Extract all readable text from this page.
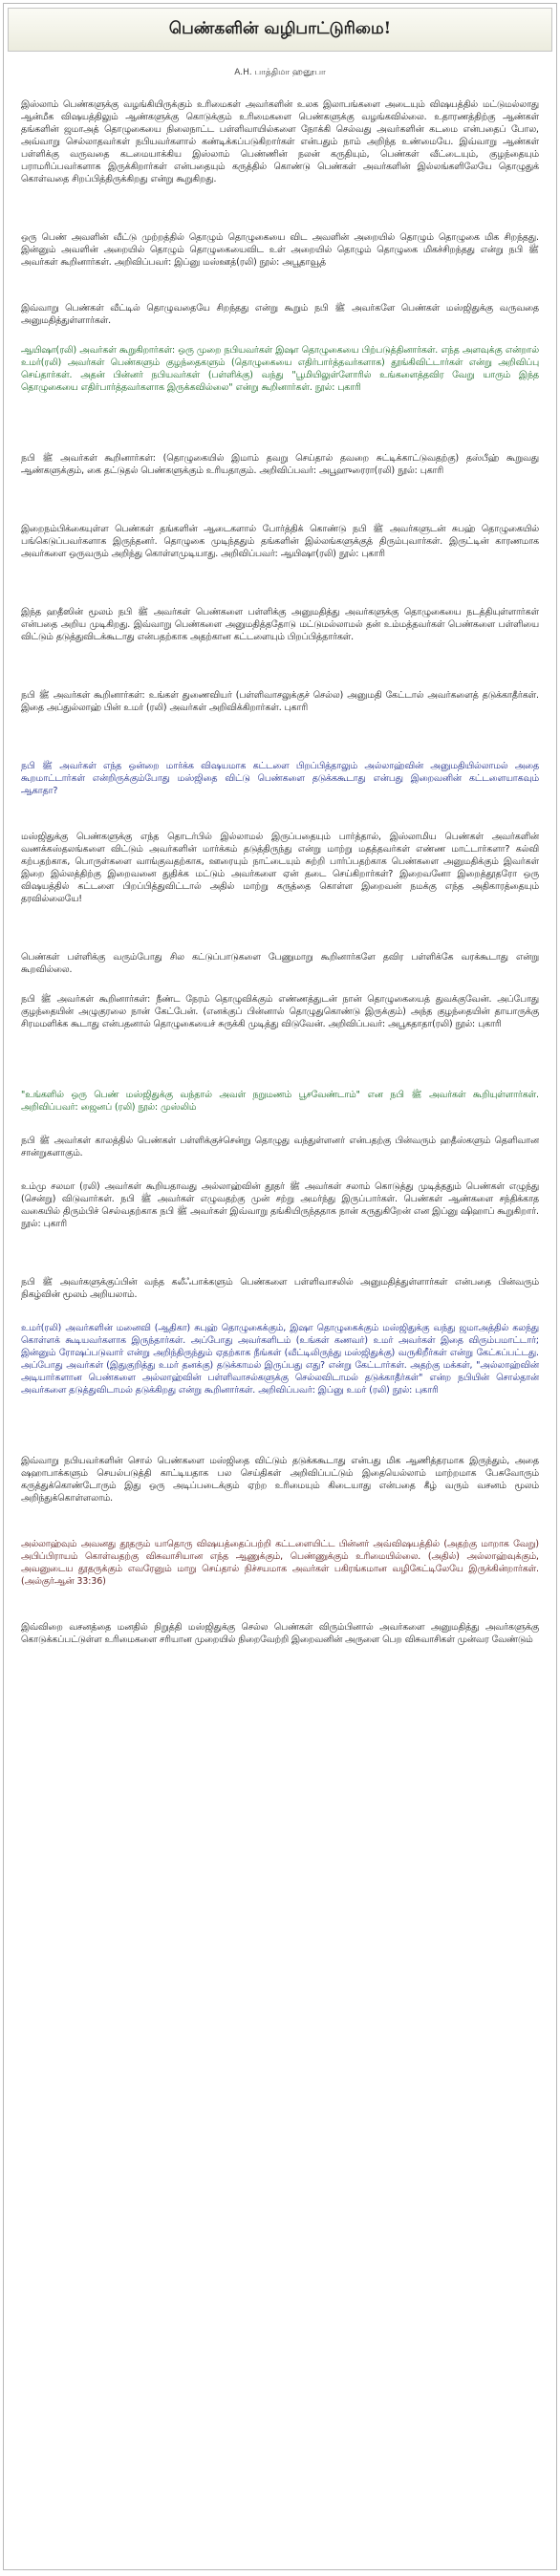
பெண்களின் வழிபாட்டுரிமை!
A.H. பாத்திமா ஹனூபா

இஸ்லாம் பெண்களுக்கு வழங்கியிருக்கும் உரிமைகள் அவர்களின் உலக இலாபங்களை அடையும் விஷயத்தில் மட்டுமல்லாது ஆன்மீக விஷயத்திலும் ஆண்களுக்கு கொடுக்கும் உரிமைகளை பெண்களுக்கு வழங்கவில்லை. உதாரணத்திற்கு ஆண்கள் தங்களின் ஜமாஅத் தொழுகையை நிலைநாட்ட பள்ளிவாயில்களை நோக்கி செல்வது அவர்களின் கடமை என்பதைப் போல, அவ்வாறு செல்லாதவர்கள் நபியவர்களால் கண்டிக்கப்படுகிறார்கள் என்பதும் நாம் அறிந்த உண்மையே. இவ்வாறு ஆண்கள் பள்ளிக்கு வருவதை கடமையாக்கிய இஸ்லாம் பெண்ணின் நலன் கருதியும், பெண்கள் வீட்டையும், குழந்தையும் பராமரிப்பவர்களாக இருக்கிறார்கள் என்பதையும் கருத்தில் கொண்டு பெண்கள் அவர்களின் இல்லங்களிலேயே தொழுதுக் கொள்வதை சிறப்பித்திருக்கிறது என்று கூறுகிறது.

ஒரு பெண் அவளின் வீட்டு முற்றத்தில் தொழும் தொழுகையை விட அவளின் அறையில் தொழும் தொழுகை மிக சிறந்தது. இன்னும் அவளின் அறையில் தொழும் தொழுகையைவிட உள் அறையில் தொழும் தொழுகை மிகச்சிறந்தது என்று நபி ﷺ அவர்கள் கூறினார்கள். அறிவிப்பவர்: இப்னு மஸ்ஊத்(ரலி) நூல்: அபூதாவூத்

இவ்வாறு பெண்கள் வீட்டில் தொழுவதையே சிறந்தது என்று கூறும் நபி ﷺ அவர்களே பெண்கள் மஸ்ஜிதுக்கு வருவதை அனுமதித்துள்ளார்கள்.

ஆயிஷா(ரலி) அவர்கள் கூறுகிறார்கள்: ஒரு முறை நபியவர்கள் இஷா தொழுகையை பிற்படுத்தினார்கள். எந்த அளவுக்கு என்றால் உமர்(ரலி) அவர்கள் பெண்களும் குழந்தைகளும் (தொழுகையை எதிர்பார்த்தவர்களாக) தூங்கிவிட்டார்கள் என்று அறிவிப்பு செய்தார்கள். அதன் பின்னர் நபியவர்கள் (பள்ளிக்கு) வந்து "பூமியிலுள்ளோரில் உங்களைத்தவிர வேறு யாரும் இந்த தொழுகையை எதிர்பார்த்தவர்களாக இருக்கவில்லை" என்று கூறினார்கள். நூல்: புகாரி

நபி ﷺ அவர்கள் கூறினார்கள்: (தொழுகையில் இமாம் தவறு செய்தால் தவறை சுட்டிக்காட்டுவதற்கு) தஸ்பீஹ் கூறுவது ஆண்களுக்கும், கை தட்டுதல் பெண்களுக்கும் உரியதாகும். அறிவிப்பவர்: அபூஹுரைரா(ரலி) நூல்: புகாரி

இறைநம்பிக்கையுள்ள பெண்கள் தங்களின் ஆடைகளால் போர்த்திக் கொண்டு நபி ﷺ அவர்களுடன் சுபஹ் தொழுகையில் பங்கெடுப்பவர்களாக இருந்தனர். தொழுகை முடிந்ததும் தங்களின் இல்லங்களுக்குத் திரும்புவார்கள். இருட்டின் காரணமாக அவர்களை ஒருவரும் அறிந்து கொள்ளமுடியாது. அறிவிப்பவர்: ஆயிஷா(ரலி) நூல்: புகாரி

இந்த ஹதீஸின் மூலம் நபி ﷺ அவர்கள் பெண்களை பள்ளிக்கு அனுமதித்து அவர்களுக்கு தொழுகையை நடத்தியுள்ளார்கள் என்பதை அறிய முடிகிறது. இவ்வாறு பெண்களை அனுமதித்ததோடு மட்டுமல்லாமல் தன் உம்மத்தவர்கள் பெண்களை பள்ளியை விட்டும் தடுத்துவிடக்கூடாது என்பதற்காக அதற்கான கட்டளையும் பிறப்பித்தார்கள்.

நபி ﷺ அவர்கள் கூறினார்கள்: உங்கள் துணைவியர் (பள்ளிவாசலுக்குச் செல்ல) அனுமதி கேட்டால் அவர்களைத் தடுக்காதீர்கள். இதை அப்துல்லாஹ் பின் உமர் (ரலி) அவர்கள் அறிவிக்கிறார்கள். புகாரி

நபி ﷺ அவர்கள் எந்த ஒன்றை மார்க்க விஷயமாக கட்டளை பிறப்பித்தாலும் அல்லாஹ்வின் அனுமதியில்லாமல் அதை கூறமாட்டார்கள் என்றிருக்கும்போது மஸ்ஜிதை விட்டு பெண்களை தடுக்ககூடாது என்பது இறைவனின் கட்டளையாகவும் ஆகாதா?

மஸ்ஜிதுக்கு பெண்களுக்கு எந்த தொடர்பில் இல்லாமல் இருப்பதையும் பார்த்தால், இஸ்லாமிய பெண்கள் அவர்களின் வணக்கஸ்தலங்களை விட்டும் அவர்களின் மார்க்கம் தடுத்திருந்து என்று மாற்று மதத்தவர்கள் எண்ண மாட்டார்களா? கல்வி கற்பதற்காக, பொருள்களை வாங்குவதற்காக, ஊரையும் நாட்டையும் சுற்றி பார்ப்பதற்காக பெண்களை அனுமதிக்கும் இவர்கள் இறை இல்லத்திற்கு இறைவனை துதிக்க மட்டும் அவர்களை ஏன் தடை செய்கிறார்கள்? இறைவனோ இறைத்தூதரோ ஒரு விஷயத்தில் கட்டளை பிறப்பித்துவிட்டால் அதில் மாற்று கருத்தை கொள்ள இறைவன் நமக்கு எந்த அதிகாரத்தையும் தரவில்லையே!

பெண்கள் பள்ளிக்கு வரும்போது சில கட்டுப்பாடுகளை பேணுமாறு கூறினார்களே தவிர பள்ளிக்கே வரக்கூடாது என்று கூறவில்லை.

நபி ﷺ அவர்கள் கூறினார்கள்: நீண்ட நேரம் தொழுவிக்கும் எண்ணத்துடன் நான் தொழுகையைத் துவக்குவேன். அப்போது குழந்தையின் அழுகுரலை நான் கேட்பேன். (எனக்குப் பின்னால் தொழுதுகொண்டு இருக்கும்) அந்த குழந்தையின் தாயாருக்கு சிரமமளிக்க கூடாது என்பதனால் தொழுகையைச் சுருக்கி முடித்து விடுவேன். அறிவிப்பவர்: அபூகதாதா(ரலி) நூல்: புகாரி

"உங்களில் ஒரு பெண் மஸ்ஜிதுக்கு வந்தால் அவள் நறுமணம் பூசவேண்டாம்" என நபி ﷺ அவர்கள் கூறியுள்ளார்கள். அறிவிப்பவர்: ஜைனப் (ரலி) நூல்: முஸ்லிம்

நபி ﷺ அவர்கள் காலத்தில் பெண்கள் பள்ளிக்குச்சென்று தொழுது வந்துள்ளனர் என்பதற்கு பின்வரும் ஹதீஸ்களும் தெளிவான சான்றுகளாகும்.

உம்மு சலமா (ரலி) அவர்கள் கூறியதாவது அல்லாஹ்வின் தூதர் ﷺ அவர்கள் சலாம் கொடுத்து முடித்ததும் பெண்கள் எழுந்து (சென்று) விடுவார்கள். நபி ﷺ அவர்கள் எழுவதற்கு முன் சற்று அமர்ந்து இருப்பார்கள். பெண்கள் ஆண்களை சந்திக்காத வகையில் திரும்பிச் செல்வதற்காக நபி ﷺ அவர்கள் இவ்வாறு தங்கியிருந்ததாக நான் கருதுகிறேன் என இப்னு ஷிஹாப் கூறுகிறார். நூல்: புகாரி

நபி ﷺ அவர்களுக்குப்பின் வந்த கலீஃபாக்களும் பெண்களை பள்ளிவாசலில் அனுமதித்துள்ளார்கள் என்பதை பின்வரும் நிகழ்வின் மூலம் அறியலாம்.

உமர்(ரலி) அவர்களின் மனைவி (ஆதிகா) சுபுஹ் தொழுகைக்கும், இஷா தொழுகைக்கும் மஸ்ஜிதுக்கு வந்து ஜமாஅத்தில் கலந்து கொள்ளக் கூடியவர்களாக இருந்தார்கள். அப்போது அவர்களிடம் (உங்கள் கணவர்) உமர் அவர்கள் இதை விரும்பமாட்டார்; இன்னும் ரோஷப்படுவார் என்று அறிந்திருந்தும் ஏதற்காக நீங்கள் (வீட்டிலிருந்து மஸ்ஜிதுக்கு) வருகிறீர்கள் என்று கேட்கப்பட்டது. அப்போது அவர்கள் (இதுகுறித்து உமர் தனக்கு) தடுக்காமல் இருப்பது எது? என்று கேட்டார்கள். அதற்கு மக்கள், "அல்லாஹ்வின் அடியார்களான பெண்களை அல்லாஹ்வின் பள்ளிவாசல்களுக்கு செல்லவிடாமல் தடுக்காதீர்கள்" என்ற நபியின் சொல்தான் அவர்களை தடுத்துவிடாமல் தடுக்கிறது என்று கூறினார்கள். அறிவிப்பவர்: இப்னு உமர் (ரலி) நூல்: புகாரி

இவ்வாறு நபியவர்களின் சொல் பெண்களை மஸ்ஜிதை விட்டும் தடுக்ககூடாது என்பது மிக ஆணித்தரமாக இருந்தும், அதை ஷஹாபாக்களும் செயல்படுத்தி காட்டியதாக பல செய்திகள் அறிவிப்பட்டும் இதையெல்லாம் மாற்றமாக பேசுவோரும் கருத்துக்கொண்டோரும் இது ஒரு அடிப்படைக்கும் ஏற்ற உரிமையும் கிடையாது என்பதை கீழ் வரும் வசனம் மூலம் அறிந்துக்கொள்ளலாம்.

அல்லாஹ்வும் அவனது தூதரும் யாதொரு விஷயத்தைப்பற்றி கட்டளையிட்ட பின்னர் அவ்விஷயத்தில் (அதற்கு மாறாக வேறு) அபிப்பிராயம் கொள்வதற்கு விசுவாசியான எந்த ஆணுக்கும், பெண்ணுக்கும் உரிமையில்லை. (அதில்) அல்லாஹ்வுக்கும், அவனுடைய தூதருக்கும் எவரேனும் மாறு செய்தால் நிச்சயமாக அவர்கள் பகிரங்கமான வழிகேட்டிலேயே இருக்கின்றார்கள். (அல்குர்ஆன் 33:36)

இவ்விறை வசனத்தை மனதில் நிறுத்தி மஸ்ஜிதுக்கு செல்ல பெண்கள் விரும்பினால் அவர்களை அனுமதித்து அவர்களுக்கு கொடுக்கப்பட்டுள்ள உரிமைகளை சரியான முறையில் நிறைவேற்றி இறைவனின் அருளை பெற விசுவாசிகள் முன்வர வேண்டும்
